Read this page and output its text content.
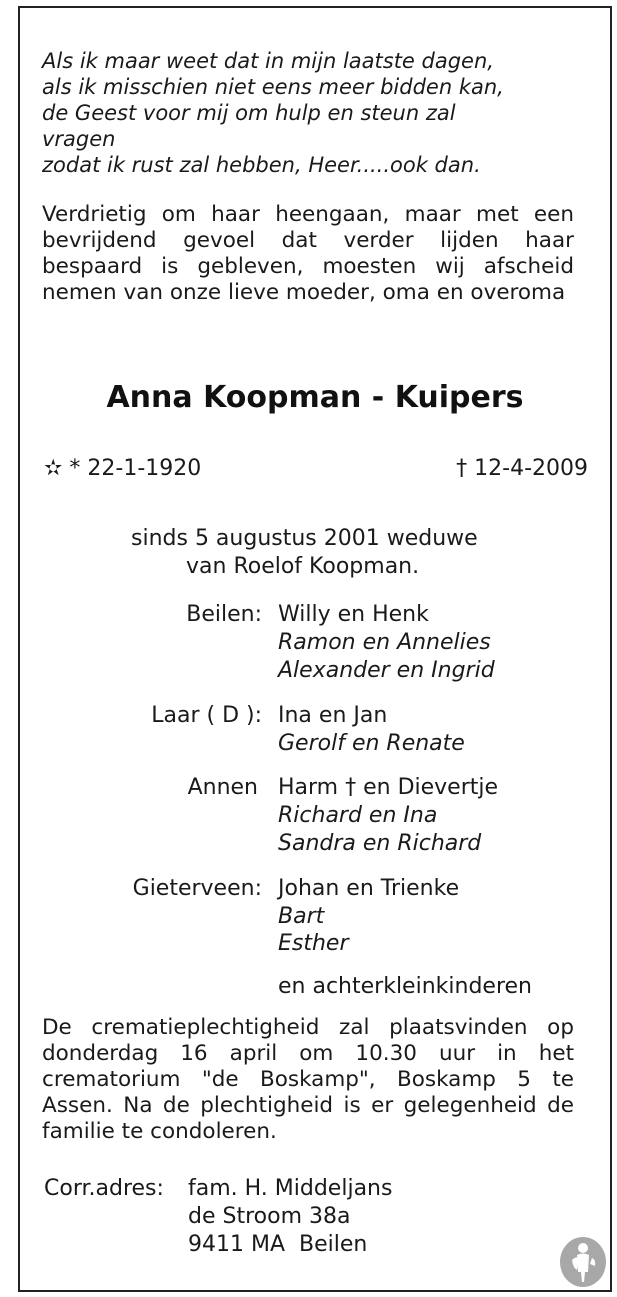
Als ik maar weet dat in mijn laatste dagen,
als ik misschien niet eens meer bidden kan,
de Geest voor mij om hulp en steun zal
vragen
zodat ik rust zal hebben, Heer.....ook dan.
Verdrietig om haar heengaan, maar met een bevrijdend gevoel dat verder lijden haar bespaard is gebleven, moesten wij afscheid nemen van onze lieve moeder, oma en overoma
Anna Koopman - Kuipers
✫ * 22-1-1920	† 12-4-2009
sinds 5 augustus 2001 weduwe
van Roelof Koopman.
Beilen: Willy en Henk
Ramon en Annelies
Alexander en Ingrid
Laar ( D ): Ina en Jan
Gerolf en Renate
Annen Harm † en Dievertje
Richard en Ina
Sandra en Richard
Gieterveen: Johan en Trienke
Bart
Esther
en achterkleinkinderen
De crematieplechtigheid zal plaatsvinden op donderdag 16 april om 10.30 uur in het crematorium "de Boskamp", Boskamp 5 te Assen. Na de plechtigheid is er gelegenheid de familie te condoleren.
Corr.adres: fam. H. Middeljans
de Stroom 38a
9411 MA  Beilen
